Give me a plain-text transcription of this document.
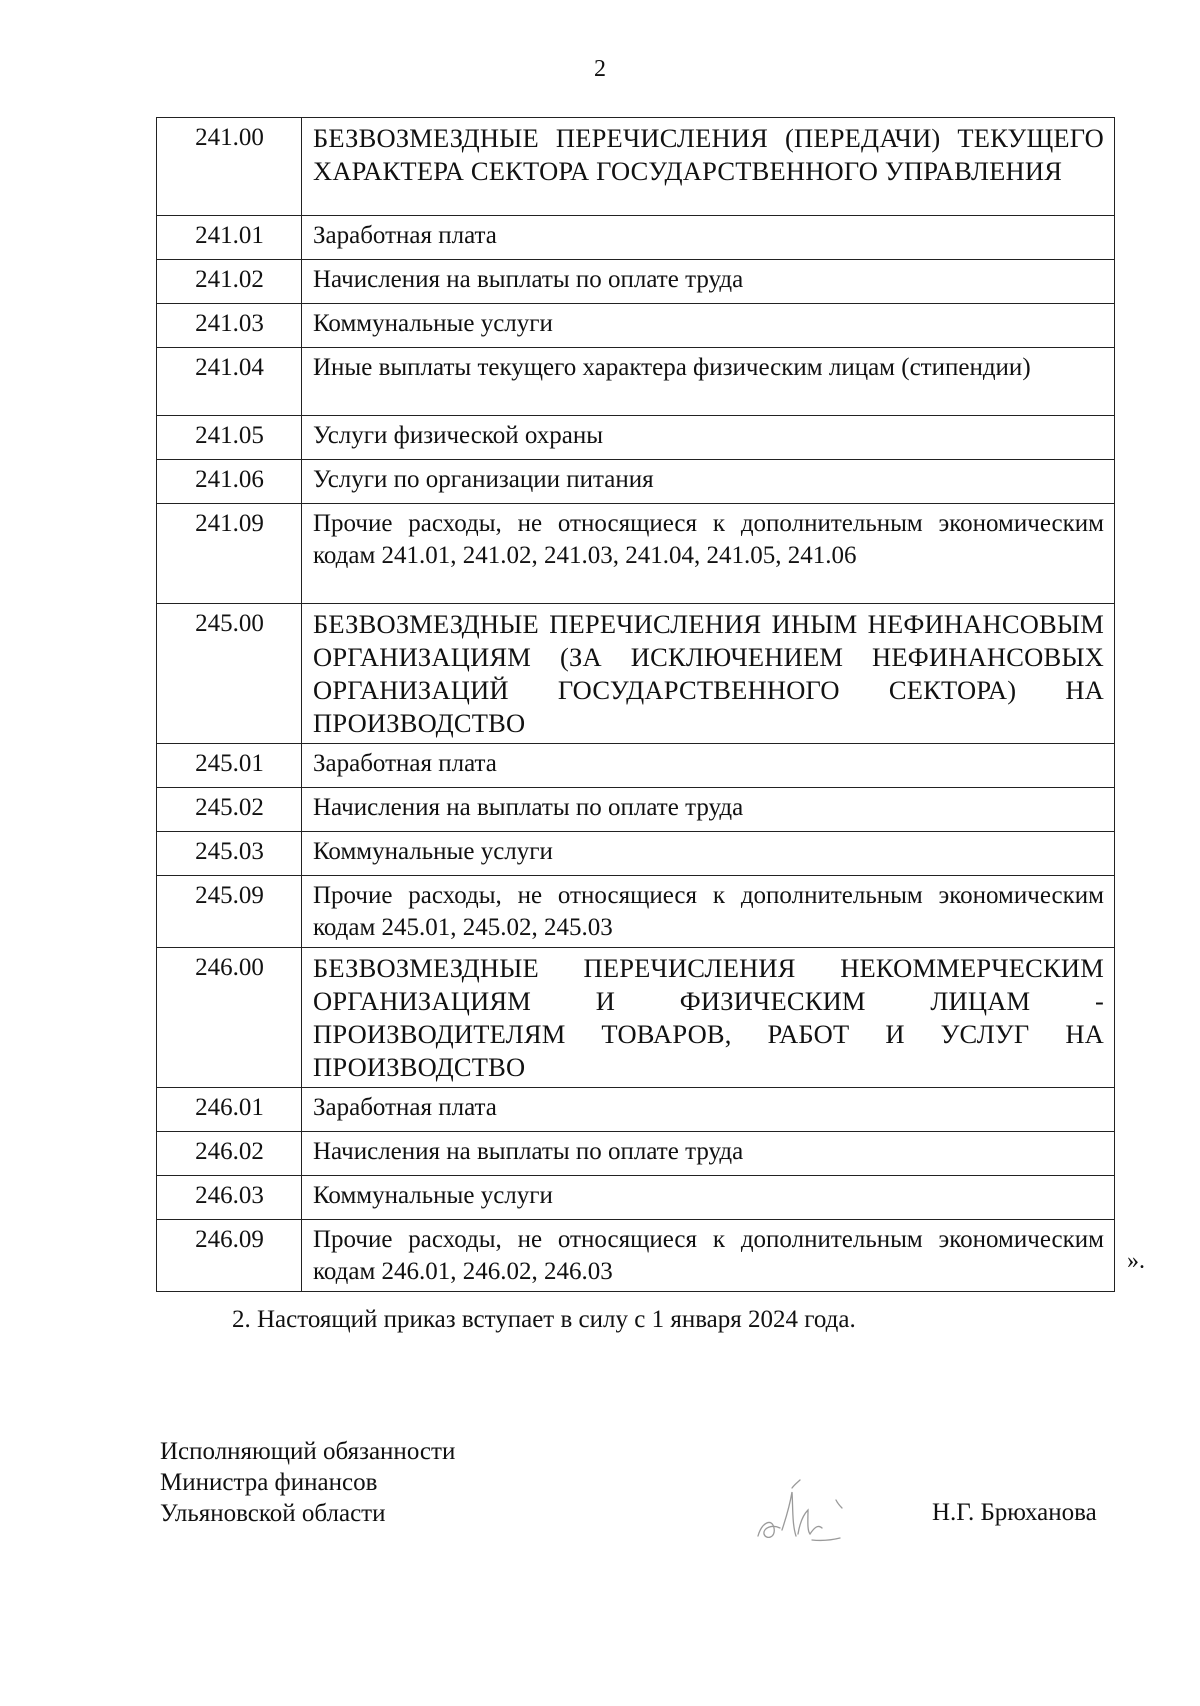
2
241.00	БЕЗВОЗМЕЗДНЫЕ ПЕРЕЧИСЛЕНИЯ (ПЕРЕДАЧИ) ТЕКУЩЕГО ХАРАКТЕРА СЕКТОРА ГОСУДАРСТВЕННОГО УПРАВЛЕНИЯ
241.01	Заработная плата
241.02	Начисления на выплаты по оплате труда
241.03	Коммунальные услуги
241.04	Иные выплаты текущего характера физическим лицам (стипендии)
241.05	Услуги физической охраны
241.06	Услуги по организации питания
241.09	Прочие расходы, не относящиеся к дополнительным экономическим кодам 241.01, 241.02, 241.03, 241.04, 241.05, 241.06
245.00	БЕЗВОЗМЕЗДНЫЕ ПЕРЕЧИСЛЕНИЯ ИНЫМ НЕФИНАНСОВЫМ ОРГАНИЗАЦИЯМ (ЗА ИСКЛЮЧЕНИЕМ НЕФИНАНСОВЫХ ОРГАНИЗАЦИЙ ГОСУДАРСТВЕННОГО СЕКТОРА) НА ПРОИЗВОДСТВО
245.01	Заработная плата
245.02	Начисления на выплаты по оплате труда
245.03	Коммунальные услуги
245.09	Прочие расходы, не относящиеся к дополнительным экономическим кодам 245.01, 245.02, 245.03
246.00	БЕЗВОЗМЕЗДНЫЕ ПЕРЕЧИСЛЕНИЯ НЕКОММЕРЧЕСКИМ ОРГАНИЗАЦИЯМ И ФИЗИЧЕСКИМ ЛИЦАМ - ПРОИЗВОДИТЕЛЯМ ТОВАРОВ, РАБОТ И УСЛУГ НА ПРОИЗВОДСТВО
246.01	Заработная плата
246.02	Начисления на выплаты по оплате труда
246.03	Коммунальные услуги
246.09	Прочие расходы, не относящиеся к дополнительным экономическим кодам 246.01, 246.02, 246.03	».
2. Настоящий приказ вступает в силу с 1 января 2024 года.
Исполняющий обязанности
Министра финансов
Ульяновской области	Н.Г. Брюханова
